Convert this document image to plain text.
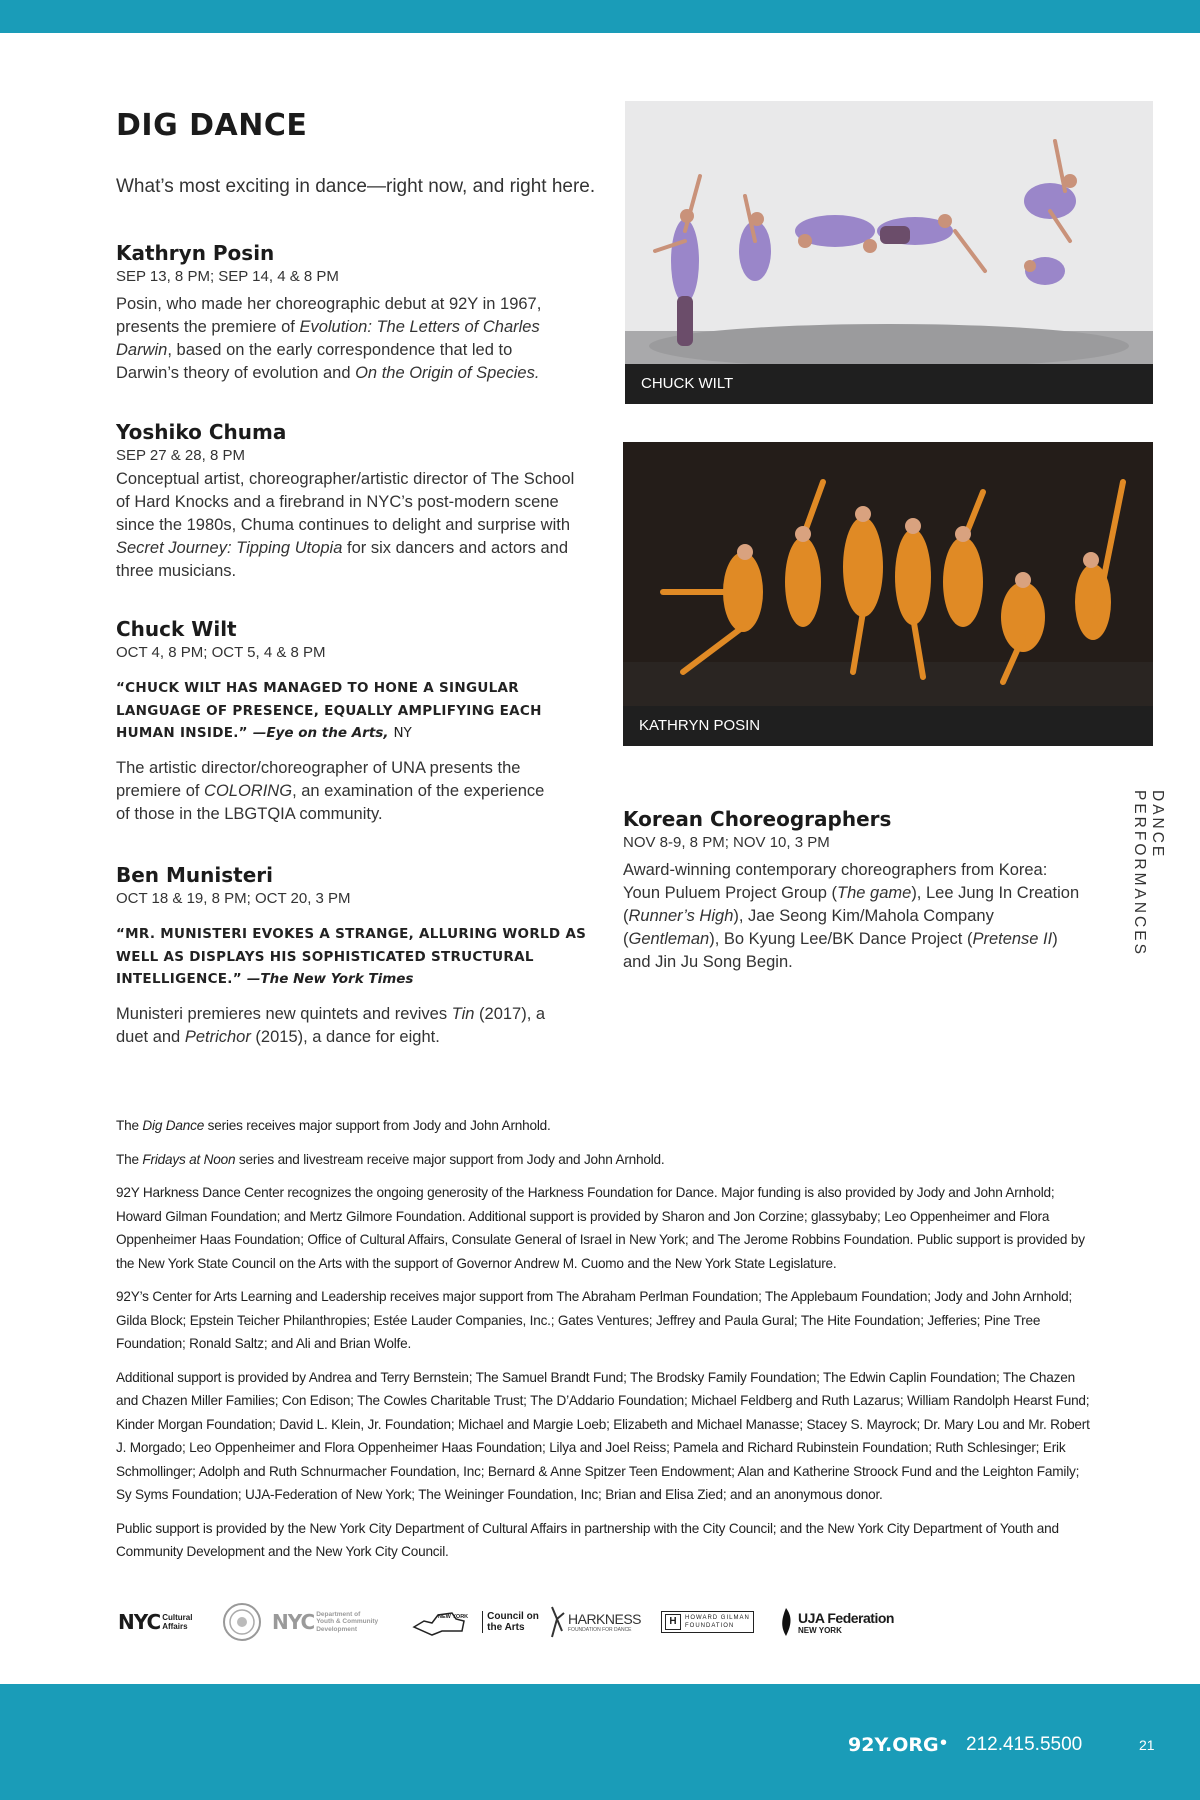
DIG DANCE

What’s most exciting in dance—right now, and right here.

Kathryn Posin
SEP 13, 8 PM; SEP 14, 4 & 8 PM

Posin, who made her choreographic debut at 92Y in 1967, presents the premiere of Evolution: The Letters of Charles Darwin, based on the early correspondence that led to Darwin’s theory of evolution and On the Origin of Species.

Yoshiko Chuma
SEP 27 & 28, 8 PM

Conceptual artist, choreographer/artistic director of The School of Hard Knocks and a firebrand in NYC’s post-modern scene since the 1980s, Chuma continues to delight and surprise with Secret Journey: Tipping Utopia for six dancers and actors and three musicians.

Chuck Wilt
OCT 4, 8 PM; OCT 5, 4 & 8 PM

“CHUCK WILT HAS MANAGED TO HONE A SINGULAR LANGUAGE OF PRESENCE, EQUALLY AMPLIFYING EACH HUMAN INSIDE.” —Eye on the Arts, NY

The artistic director/choreographer of UNA presents the premiere of COLORING, an examination of the experience of those in the LBGTQIA community.

Ben Munisteri
OCT 18 & 19, 8 PM; OCT 20, 3 PM

“MR. MUNISTERI EVOKES A STRANGE, ALLURING WORLD AS WELL AS DISPLAYS HIS SOPHISTICATED STRUCTURAL INTELLIGENCE.” —The New York Times

Munisteri premieres new quintets and revives Tin (2017), a duet and Petrichor (2015), a dance for eight.

Korean Choreographers
NOV 8-9, 8 PM; NOV 10, 3 PM

Award-winning contemporary choreographers from Korea: Youn Puluem Project Group (The game), Lee Jung In Creation (Runner’s High), Jae Seong Kim/Mahola Company (Gentleman), Bo Kyung Lee/BK Dance Project (Pretense II) and Jin Ju Song Begin.

CHUCK WILT
KATHRYN POSIN
DANCE PERFORMANCES

The Dig Dance series receives major support from Jody and John Arnhold.

The Fridays at Noon series and livestream receive major support from Jody and John Arnhold.

92Y Harkness Dance Center recognizes the ongoing generosity of the Harkness Foundation for Dance. Major funding is also provided by Jody and John Arnhold; Howard Gilman Foundation; and Mertz Gilmore Foundation. Additional support is provided by Sharon and Jon Corzine; glassybaby; Leo Oppenheimer and Flora Oppenheimer Haas Foundation; Office of Cultural Affairs, Consulate General of Israel in New York; and The Jerome Robbins Foundation. Public support is provided by the New York State Council on the Arts with the support of Governor Andrew M. Cuomo and the New York State Legislature.

92Y’s Center for Arts Learning and Leadership receives major support from The Abraham Perlman Foundation; The Applebaum Foundation; Jody and John Arnhold; Gilda Block; Epstein Teicher Philanthropies; Estée Lauder Companies, Inc.; Gates Ventures; Jeffrey and Paula Gural; The Hite Foundation; Jefferies; Pine Tree Foundation; Ronald Saltz; and Ali and Brian Wolfe.

Additional support is provided by Andrea and Terry Bernstein; The Samuel Brandt Fund; The Brodsky Family Foundation; The Edwin Caplin Foundation; The Chazen and Chazen Miller Families; Con Edison; The Cowles Charitable Trust; The D’Addario Foundation; Michael Feldberg and Ruth Lazarus; William Randolph Hearst Fund; Kinder Morgan Foundation; David L. Klein, Jr. Foundation; Michael and Margie Loeb; Elizabeth and Michael Manasse; Stacey S. Mayrock; Dr. Mary Lou and Mr. Robert J. Morgado; Leo Oppenheimer and Flora Oppenheimer Haas Foundation; Lilya and Joel Reiss; Pamela and Richard Rubinstein Foundation; Ruth Schlesinger; Erik Schmollinger; Adolph and Ruth Schnurmacher Foundation, Inc; Bernard & Anne Spitzer Teen Endowment; Alan and Katherine Stroock Fund and the Leighton Family; Sy Syms Foundation; UJA-Federation of New York; The Weininger Foundation, Inc; Brian and Elisa Zied; and an anonymous donor.

Public support is provided by the New York City Department of Cultural Affairs in partnership with the City Council; and the New York City Department of Youth and Community Development and the New York City Council.

NYC Cultural
Affairs	NYC Department of
Youth & Community
Development
NEW YORK	Council on
the Arts
HARKNESS
FOUNDATION FOR DANCE
H	HOWARD GILMAN
FOUNDATION
UJA Federation
NEW YORK
92Y.ORG • 212.415.5500	21
